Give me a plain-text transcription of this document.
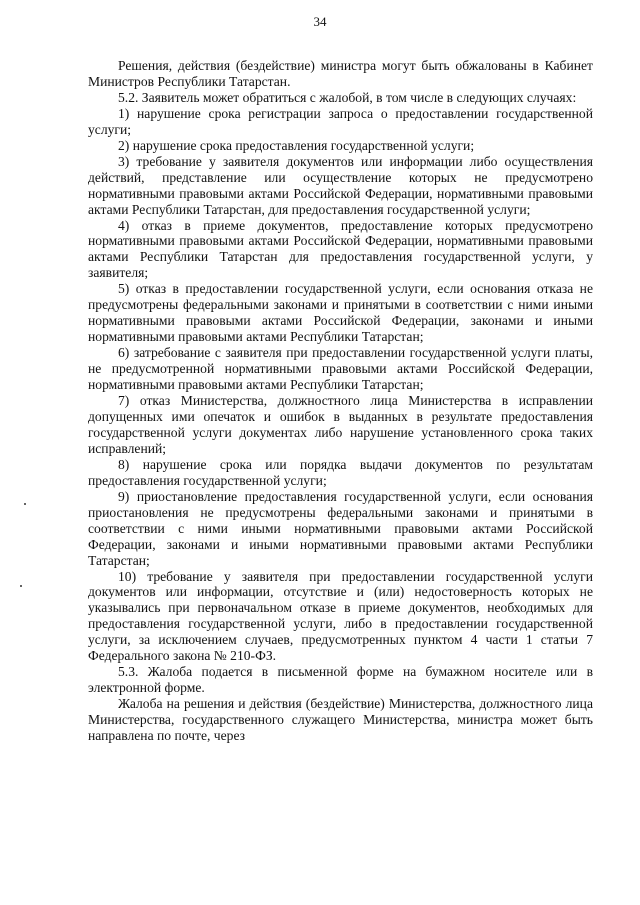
34

Решения, действия (бездействие) министра могут быть обжалованы в Кабинет Министров Республики Татарстан.

5.2. Заявитель может обратиться с жалобой, в том числе в следующих случаях:

1) нарушение срока регистрации запроса о предоставлении государственной услуги;

2) нарушение срока предоставления государственной услуги;

3) требование у заявителя документов или информации либо осуществления действий, представление или осуществление которых не предусмотрено нормативными правовыми актами Российской Федерации, нормативными правовыми актами Республики Татарстан, для предоставления государственной услуги;

4) отказ в приеме документов, предоставление которых предусмотрено нормативными правовыми актами Российской Федерации, нормативными правовыми актами Республики Татарстан для предоставления государственной услуги, у заявителя;

5) отказ в предоставлении государственной услуги, если основания отказа не предусмотрены федеральными законами и принятыми в соответствии с ними иными нормативными правовыми актами Российской Федерации, законами и иными нормативными правовыми актами Республики Татарстан;

6) затребование с заявителя при предоставлении государственной услуги платы, не предусмотренной нормативными правовыми актами Российской Федерации, нормативными правовыми актами Республики Татарстан;

7) отказ Министерства, должностного лица Министерства в исправлении допущенных ими опечаток и ошибок в выданных в результате предоставления государственной услуги документах либо нарушение установленного срока таких исправлений;

8) нарушение срока или порядка выдачи документов по результатам предоставления государственной услуги;

9) приостановление предоставления государственной услуги, если основания приостановления не предусмотрены федеральными законами и принятыми в соответствии с ними иными нормативными правовыми актами Российской Федерации, законами и иными нормативными правовыми актами Республики Татарстан;

10) требование у заявителя при предоставлении государственной услуги документов или информации, отсутствие и (или) недостоверность которых не указывались при первоначальном отказе в приеме документов, необходимых для предоставления государственной услуги, либо в предоставлении государственной услуги, за исключением случаев, предусмотренных пунктом 4 части 1 статьи 7 Федерального закона № 210-ФЗ.

5.3. Жалоба подается в письменной форме на бумажном носителе или в электронной форме.

Жалоба на решения и действия (бездействие) Министерства, должностного лица Министерства, государственного служащего Министерства, министра может быть направлена по почте, через
